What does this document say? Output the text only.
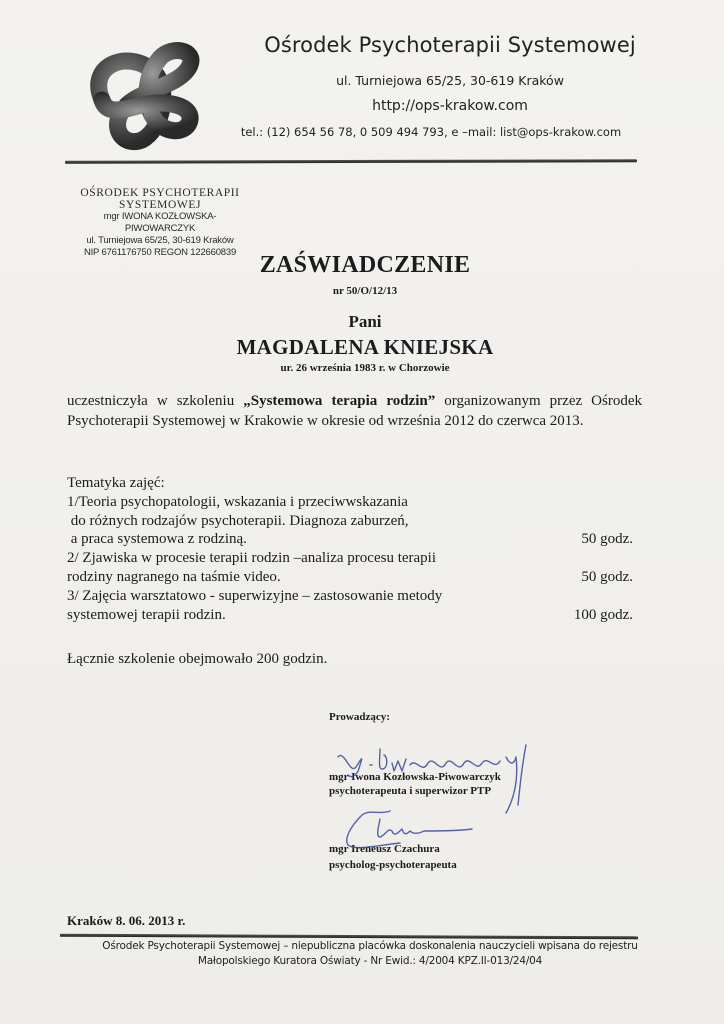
Ośrodek Psychoterapii Systemowej
ul. Turniejowa 65/25, 30-619 Kraków
http://ops-krakow.com
tel.: (12) 654 56 78, 0 509 494 793, e –mail: list@ops-krakow.com
OŚRODEK PSYCHOTERAPII
SYSTEMOWEJ
mgr IWONA KOZŁOWSKA-PIWOWARCZYK
ul. Turniejowa 65/25, 30-619 Kraków
NIP 6761176750 REGON 122660839 ZAŚWIADCZENIE
nr 50/O/12/13
Pani
MAGDALENA KNIEJSKA
ur. 26 września 1983 r. w Chorzowie
uczestniczyła w szkoleniu „Systemowa terapia rodzin” organizowanym przez Ośrodek Psychoterapii Systemowej w Krakowie w okresie od września 2012 do czerwca 2013.
Tematyka zajęć:
1/Teoria psychopatologii, wskazania i przeciwwskazania
do różnych rodzajów psychoterapii. Diagnoza zaburzeń,
a praca systemowa z rodziną.	50 godz.
2/ Zjawiska w procesie terapii rodzin –analiza procesu terapii
rodziny nagranego na taśmie video.	50 godz.
3/ Zajęcia warsztatowo - superwizyjne – zastosowanie metody
systemowej terapii rodzin.	100 godz.
Łącznie szkolenie obejmowało 200 godzin.
Prowadzący:
mgr Iwona Kozłowska-Piwowarczyk
psychoterapeuta i superwizor PTP
mgr Ireneusz Czachura
psycholog-psychoterapeuta
Kraków 8. 06. 2013 r.
Ośrodek Psychoterapii Systemowej – niepubliczna placówka doskonalenia nauczycieli wpisana do rejestru
Małopolskiego Kuratora Oświaty - Nr Ewid.: 4/2004 KPZ.II-013/24/04
